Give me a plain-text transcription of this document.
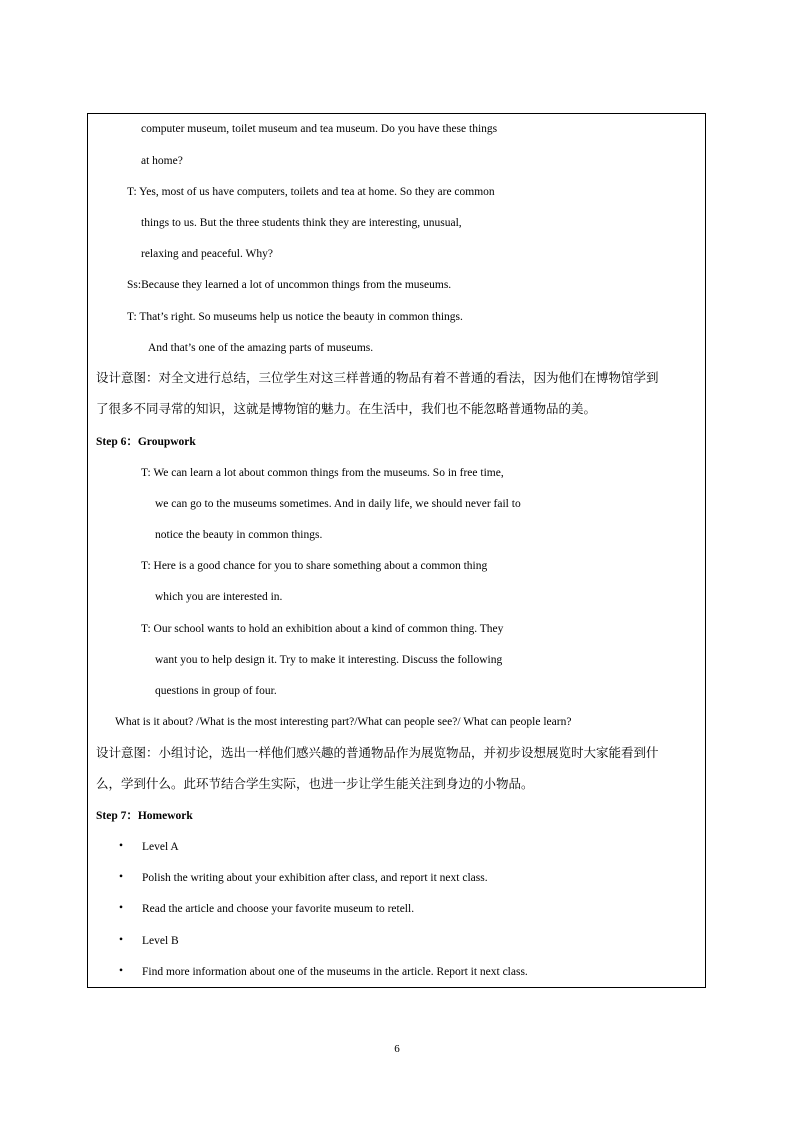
computer museum, toilet museum and tea museum. Do you have these things
at home?
T: Yes, most of us have computers, toilets and tea at home. So they are common
things to us. But the three students think they are interesting, unusual,
relaxing and peaceful. Why?
Ss:Because they learned a lot of uncommon things from the museums.
T: That’s right. So museums help us notice the beauty in common things.
And that’s one of the amazing parts of museums.
设计意图：对全文进行总结，三位学生对这三样普通的物品有着不普通的看法，因为他们在博物馆学到
了很多不同寻常的知识，这就是博物馆的魅力。在生活中，我们也不能忽略普通物品的美。
Step 6：Groupwork
T: We can learn a lot about common things from the museums. So in free time,
we can go to the museums sometimes. And in daily life, we should never fail to
notice the beauty in common things.
T: Here is a good chance for you to share something about a common thing
which you are interested in.
T: Our school wants to hold an exhibition about a kind of common thing. They
want you to help design it. Try to make it interesting. Discuss the following
questions in group of four.
What is it about? /What is the most interesting part?/What can people see?/ What can people learn?
设计意图：小组讨论，选出一样他们感兴趣的普通物品作为展览物品，并初步设想展览时大家能看到什
么，学到什么。此环节结合学生实际，也进一步让学生能关注到身边的小物品。
Step 7：Homework
• Level A
• Polish the writing about your exhibition after class, and report it next class.
• Read the article and choose your favorite museum to retell.
• Level B
• Find more information about one of the museums in the article. Report it next class.
6
